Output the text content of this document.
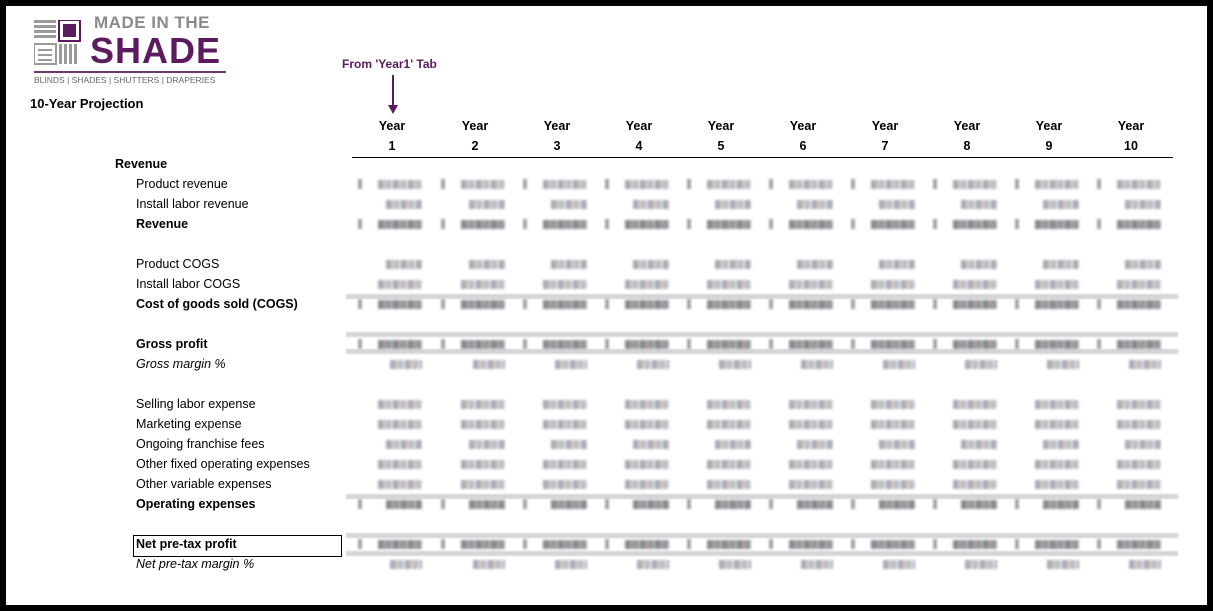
MADE IN THE
SHADE
BLINDS | SHADES | SHUTTERS | DRAPERIES
10-Year Projection
From 'Year1' Tab
Year
1
Year
2
Year
3
Year
4
Year
5
Year
6
Year
7
Year
8
Year
9
Year
10
Revenue
Product revenue
Install labor revenue
Revenue
Product COGS
Install labor COGS
Cost of goods sold (COGS)
Gross profit
Gross margin %
Selling labor expense
Marketing expense
Ongoing franchise fees
Other fixed operating expenses
Other variable expenses
Operating expenses
Net pre-tax profit
Net pre-tax margin %
